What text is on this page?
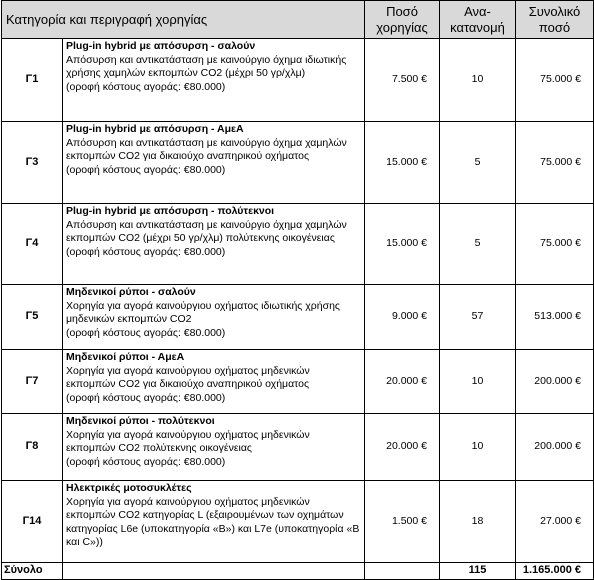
Κατηγορία και περιγραφή χορηγίας		Ποσό χορηγίας	Ανα-κατανομή	Συνολικό ποσό
Γ1	Plug-in hybrid με απόσυρση - σαλούν
Απόσυρση και αντικατάσταση με καινούργιο όχημα ιδιωτικής χρήσης χαμηλών εκπομπών CO2 (μέχρι 50 γρ/χλμ)
(οροφή κόστους αγοράς: €80.000)	7.500 €	10	75.000 €
Γ3	Plug-in hybrid με απόσυρση - ΑμεΑ
Απόσυρση και αντικατάσταση με καινούργιο όχημα χαμηλών εκπομπών CO2 για δικαιούχο αναπηρικού οχήματος
(οροφή κόστους αγοράς: €80.000)	15.000 €	5	75.000 €
Γ4	Plug-in hybrid με απόσυρση - πολύτεκνοι
Απόσυρση και αντικατάσταση με καινούργιο όχημα χαμηλών εκπομπών CO2 (μέχρι 50 γρ/χλμ) πολύτεκνης οικογένειας
(οροφή κόστους αγοράς: €80.000)	15.000 €	5	75.000 €
Γ5	Μηδενικοί ρύποι - σαλούν
Χορηγία για αγορά καινούργιου οχήματος ιδιωτικής χρήσης μηδενικών εκπομπών CO2
(οροφή κόστους αγοράς: €80.000)	9.000 €	57	513.000 €
Γ7	Μηδενικοί ρύποι - ΑμεΑ
Χορηγία για αγορά καινούργιου οχήματος μηδενικών εκπομπών CO2 για δικαιούχο αναπηρικού οχήματος
(οροφή κόστους αγοράς: €80.000)	20.000 €	10	200.000 €
Γ8	Μηδενικοί ρύποι - πολύτεκνοι
Χορηγία για αγορά καινούργιου οχήματος μηδενικών εκπομπών CO2 πολύτεκνης οικογένειας
(οροφή κόστους αγοράς: €80.000)	20.000 €	10	200.000 €
Γ14	Ηλεκτρικές μοτοσυκλέτες
Χορηγία για αγορά καινούργιου οχήματος μηδενικών εκπομπών CO2 κατηγορίας L (εξαιρουμένων των οχημάτων κατηγορίας L6e (υποκατηγορία «B») και L7e (υποκατηγορία «B και C»))	1.500 €	18	27.000 €
Σύνολο			115	1.165.000 €
